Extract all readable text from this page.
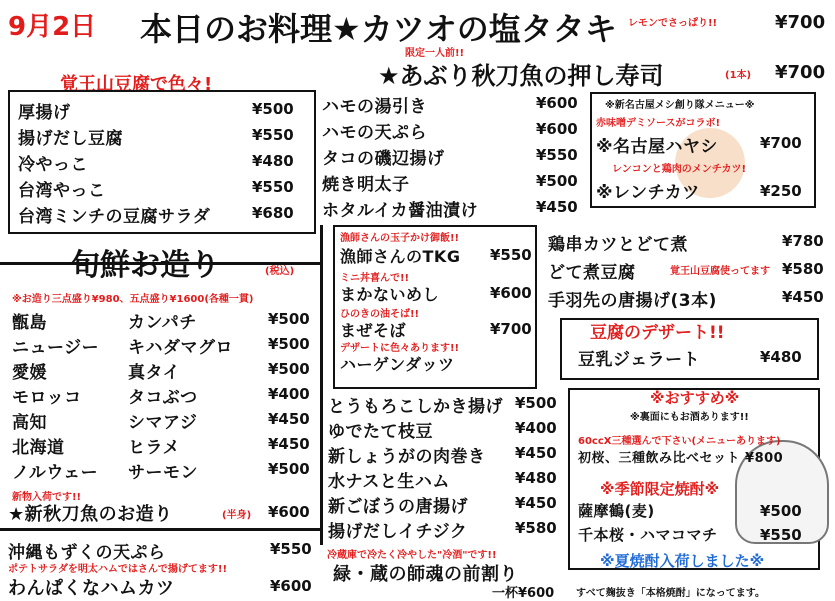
9月2日 本日のお料理★カツオの塩タタキ レモンでさっぱり!!	¥700
限定一人前!!
★あぶり秋刀魚の押し寿司	(1本) ¥700
覚王山豆腐で色々!
※新名古屋メシ創り隊メニュー※
赤味噌デミソースがコラボ!
※名古屋ハヤシ	¥700
レンコンと鶏肉のメンチカツ!
※レンチカツ	¥250
旬鮮お造り	(税込)
※お造り三点盛り¥980、五点盛り¥1600(各種一貫)
新物入荷です!!
★新秋刀魚のお造り	(半身) ¥600
漁師さんの玉子かけ御飯!!
豆腐のデザート!!
豆乳ジェラート	¥480
冷蔵庫で冷たく冷やした"冷酒"です!!
緑・蔵の師魂の前割り
一杯¥600
※おすすめ※
※裏面にもお酒あります!!
60ccX三種選んで下さい(メニューあります)
初桜、三種飲み比べセット ¥800
※季節限定焼酎※
薩摩鶴(麦)	¥500
千本桜・ハマコマチ	¥550
※夏焼酎入荷しました※
すべて麹抜き「本格焼酎」になってます。
沖縄もずくの天ぷら	¥550
ポテトサラダを明太ハムではさんで揚げてます!!
わんぱくなハムカツ	¥600
厚揚げ	¥500
揚げだし豆腐	¥550
冷やっこ	¥480
台湾やっこ	¥550
台湾ミンチの豆腐サラダ	¥680
ハモの湯引き	¥600
ハモの天ぷら	¥600
タコの磯辺揚げ	¥550
焼き明太子	¥500
ホタルイカ醤油漬け	¥450
甑島	カンパチ	¥500
ニュージー キハダマグロ ¥500
愛媛	真タイ	¥500
モロッコ	タコぶつ	¥400
高知	シマアジ	¥450
北海道	ヒラメ	¥450
ノルウェー サーモン	¥500
漁師さんのTKG ¥550
ミニ丼喜んで!!
まかないめし	¥600
ひのきの油そば!!
まぜそば	¥700
デザートに色々あります!!
ハーゲンダッツ
鶏串カツとどて煮	¥780
どて煮豆腐	覚王山豆腐使ってます ¥580
手羽先の唐揚げ(3本)	¥450
とうもろこしかき揚げ ¥500
ゆでたて枝豆	¥400
新しょうがの肉巻き ¥450
水ナスと生ハム	¥480
新ごぼうの唐揚げ	¥450
揚げだしイチジク	¥580
